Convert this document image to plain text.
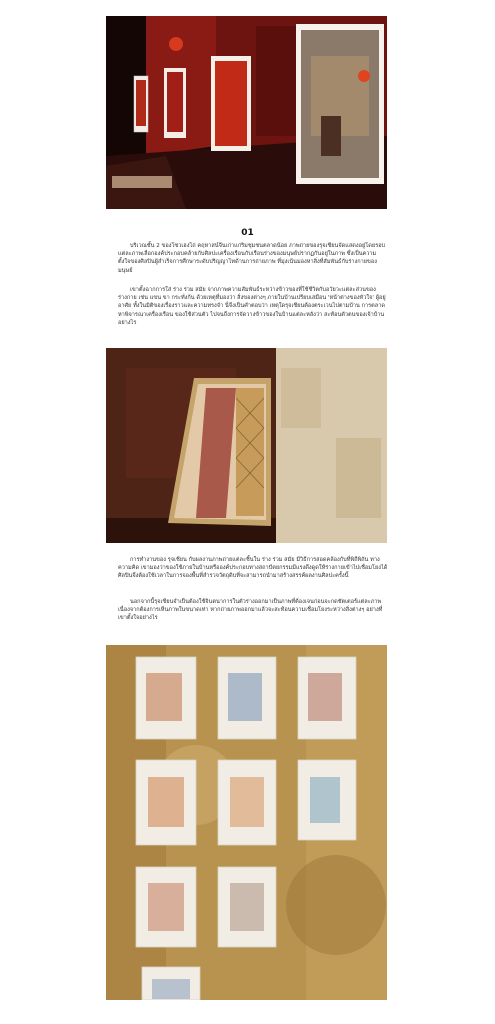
01

บริเวณชั้น 2 ของโซวเฮงไถ่ คฤหาสน์จีนเก่าแก่ริมชุมชนตลาดน้อย ภาพถ่ายของรุจเชียนจัดแสดงอยู่โดยรอบ แต่ละภาพเลือกองค์ประกอบคล้ายกับศิลปะเครื่องเรือนกับเรือนร่างของมนุษย์ปรากฏกันอยู่ในภาพ ซึ่งเป็นความตั้งใจของศิลปินผู้สำเร็จการศึกษาระดับปริญญาโทด้านการถ่ายภาพ ที่มุ่งเน้นมองหาสิ่งที่สัมพันธ์กับร่างกายของมนุษย์

เขาตั้งฉากการใส่ ร่าง ร่วม สมัย จากภาพความสัมพันธ์ระหว่างข้าวของที่ใช้ชีวิตกับอวัยวะแต่ละส่วนของร่างกาย เช่น แขน ขา กระทั่งก้น ด้วยเหตุที่มองว่า สิ่งของต่างๆ ภายในบ้านเปรียบเสมือน 'หน้าต่างของหัวใจ' ผู้อยู่อาศัย ทั้งในมิติของเรื่องราวและความทรงจำ นี่จึงเป็นคำตอบว่า เหตุใดรุจเชียนต้องตระเวนไปตามบ้าน การตลาดหาพิจารณาเครื่องเรือน ของใช้ส่วนตัว ไปจนถึงการจัดวางข้าวของในบ้านแต่ละหลังว่า สะท้อนตัวตนของเจ้าบ้านอย่างไร

การทำงานของ รุจเชียน กับผลงานภาพถ่ายแต่ละชิ้นใน ร่าง ร่วม สมัย มีวิธีการสอดคล้องกับที่พิถีพิถัน ทางความคิด เขามองว่าของใช้ภายในบ้านหรือองค์ประกอบทางสถาปัตยกรรมมีแรงดึงดูดให้ร่างกายเข้าไปเชื่อมโยงได้ ศิลปินจึงต้องใช้เวลาในการจองพื้นที่สำรวจวัตถุดิบที่จะสามารถนำมาสร้างสรรค์ผลงานศิลปะครั้งนี้

นอกจากนี้รุจเชียนจำเป็นต้องใช้จินตนาการในตัวร่างออกมาเป็นภาพที่ต้องเจนก่อนจะกดชัตเตอร์แต่ละภาพ เนื่องจากต้องการเห็นภาพในขนาดเท่า หากถ่ายภาพออกมาแล้วจะสะท้อนความเชื่อมโยงระหว่างสิ่งต่างๆ อย่างที่เขาตั้งใจอย่างไร
